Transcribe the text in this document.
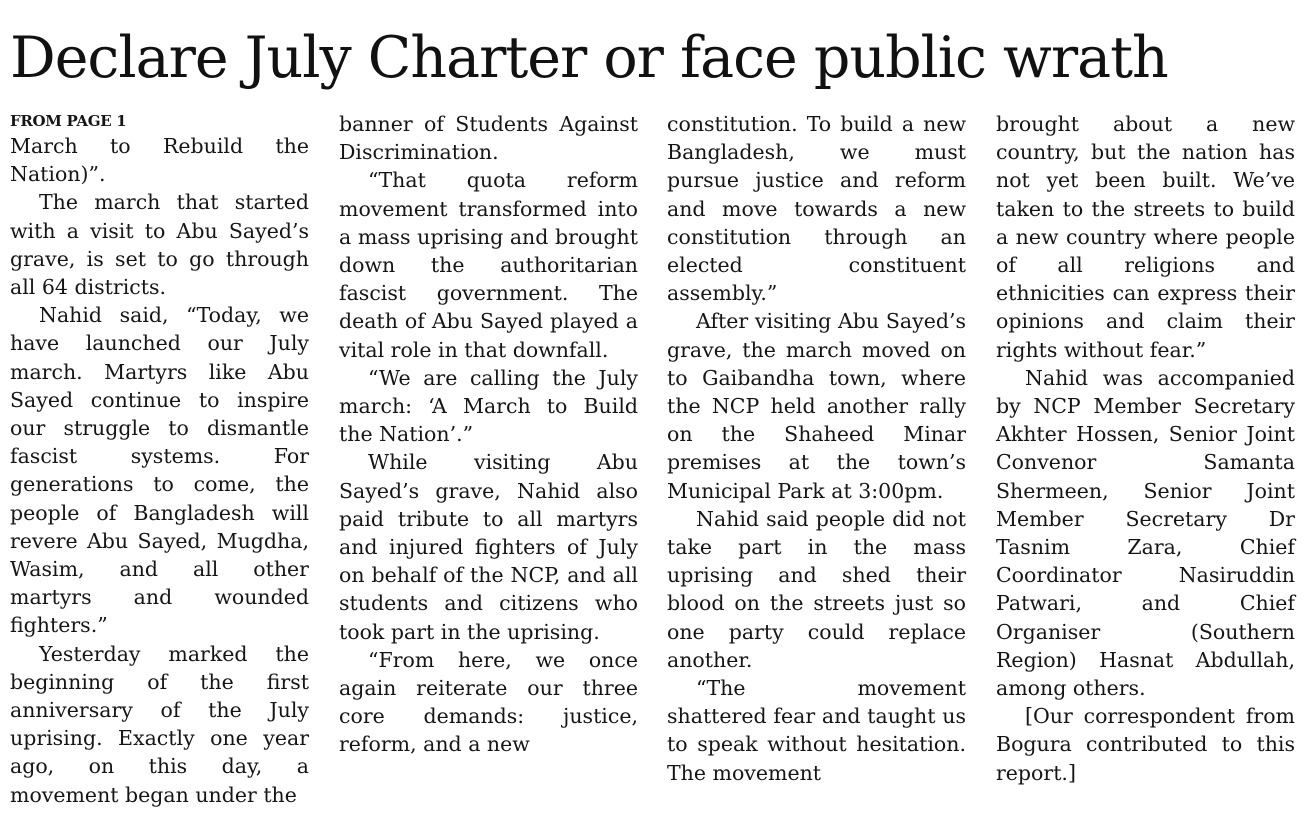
Declare July Charter or face public wrath
FROM PAGE 1

March to Rebuild the Nation)”.

The march that started with a visit to Abu Sayed’s grave, is set to go through all 64 districts.

Nahid said, “Today, we have launched our July march. Martyrs like Abu Sayed continue to inspire our struggle to dismantle fascist systems. For generations to come, the people of Bangladesh will revere Abu Sayed, Mugdha, Wasim, and all other martyrs and wounded fighters.”

Yesterday marked the beginning of the first anniversary of the July uprising. Exactly one year ago, on this day, a movement began under the

banner of Students Against Discrimination.

“That quota reform movement transformed into a mass uprising and brought down the authoritarian fascist government. The death of Abu Sayed played a vital role in that downfall.

“We are calling the July march: ‘A March to Build the Nation’.”

While visiting Abu Sayed’s grave, Nahid also paid tribute to all martyrs and injured fighters of July on behalf of the NCP, and all students and citizens who took part in the uprising.

“From here, we once again reiterate our three core demands: justice, reform, and a new

constitution. To build a new Bangladesh, we must pursue justice and reform and move towards a new constitution through an elected constituent assembly.”

After visiting Abu Sayed’s grave, the march moved on to Gaibandha town, where the NCP held another rally on the Shaheed Minar premises at the town’s Municipal Park at 3:00pm.

Nahid said people did not take part in the mass uprising and shed their blood on the streets just so one party could replace another.

“The movement shattered fear and taught us to speak without hesitation. The movement

brought about a new country, but the nation has not yet been built. We’ve taken to the streets to build a new country where people of all religions and ethnicities can express their opinions and claim their rights without fear.”

Nahid was accompanied by NCP Member Secretary Akhter Hossen, Senior Joint Convenor Samanta Shermeen, Senior Joint Member Secretary Dr Tasnim Zara, Chief Coordinator Nasiruddin Patwari, and Chief Organiser (Southern Region) Hasnat Abdullah, among others.

[Our correspondent from Bogura contributed to this report.]
